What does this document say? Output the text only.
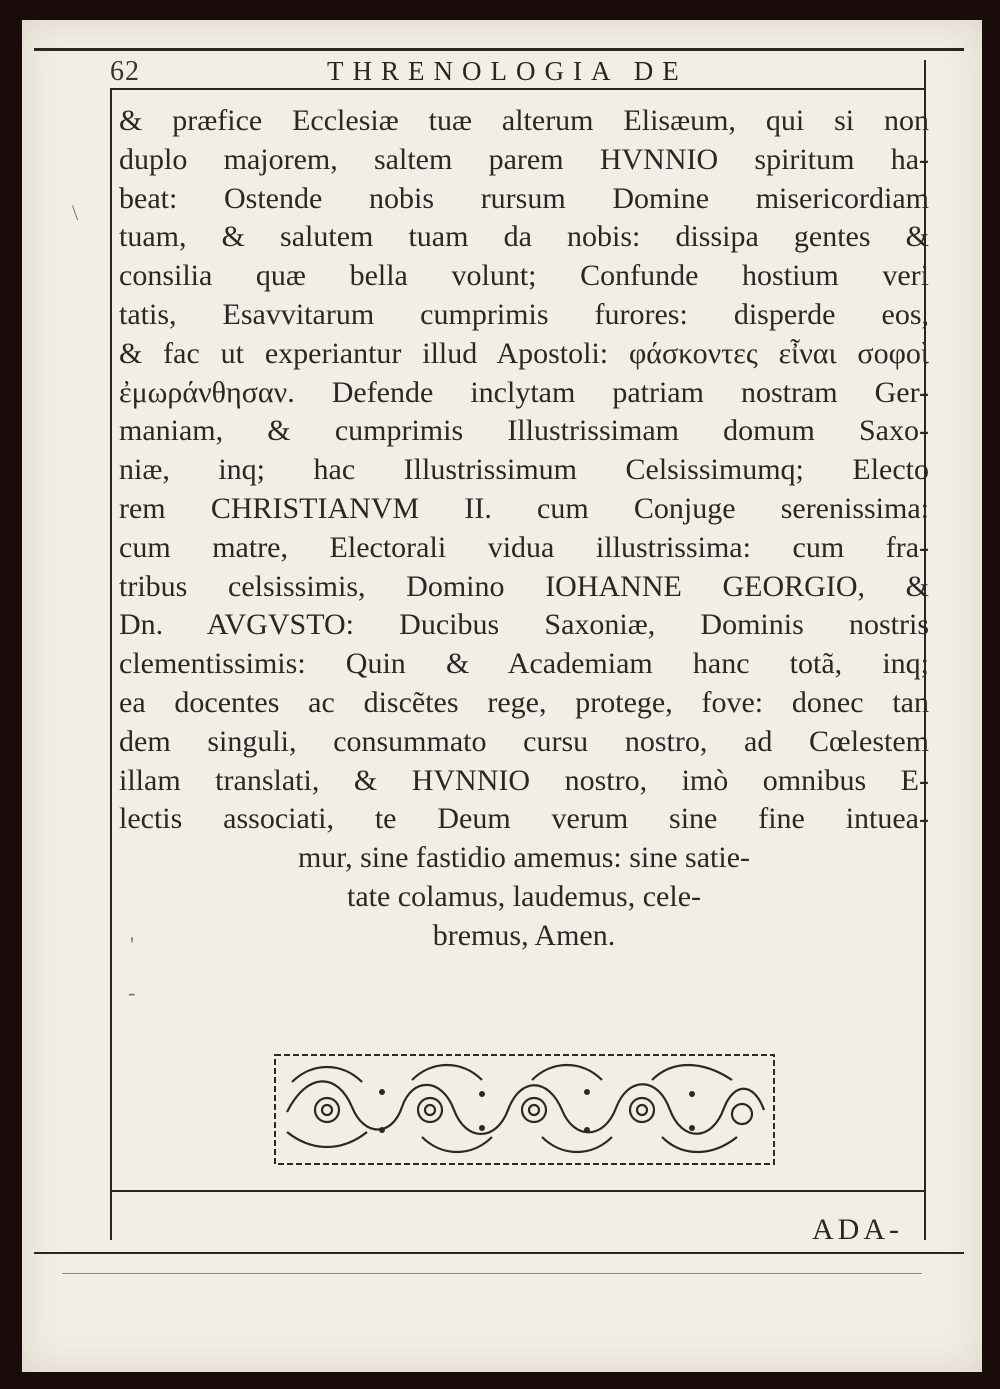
62	THRENOLOGIA DE
& præfice Ecclesiæ tuæ alterum Elisæum, qui si non
duplo majorem, saltem parem HVNNIO spiritum ha-
beat: Ostende nobis rursum Domine misericordiam
tuam, & salutem tuam da nobis: dissipa gentes &
consilia quæ bella volunt; Confunde hostium veri
tatis, Esavvitarum cumprimis furores: disperde eos,
& fac ut experiantur illud Apostoli: φάσκοντες εἶναι σοφοὶ
ἐμωράνθησαν. Defende inclytam patriam nostram Ger-
maniam, & cumprimis Illustrissimam domum Saxo-
niæ, inq; hac Illustrissimum Celsissimumq; Electo
rem CHRISTIANVM II. cum Conjuge serenissima:
cum matre, Electorali vidua illustrissima: cum fra-
tribus celsissimis, Domino IOHANNE GEORGIO, &
Dn. AVGVSTO: Ducibus Saxoniæ, Dominis nostris
clementissimis: Quin & Academiam hanc totã, inq;
ea docentes ac discẽtes rege, protege, fove: donec tan
dem singuli, consummato cursu nostro, ad Cœlestem
illam translati, & HVNNIO nostro, imò omnibus E-
lectis associati, te Deum verum sine fine intuea-
mur, sine fastidio amemus: sine satie-
tate colamus, laudemus, cele-
bremus, Amen.
ADA-
\
'
-
